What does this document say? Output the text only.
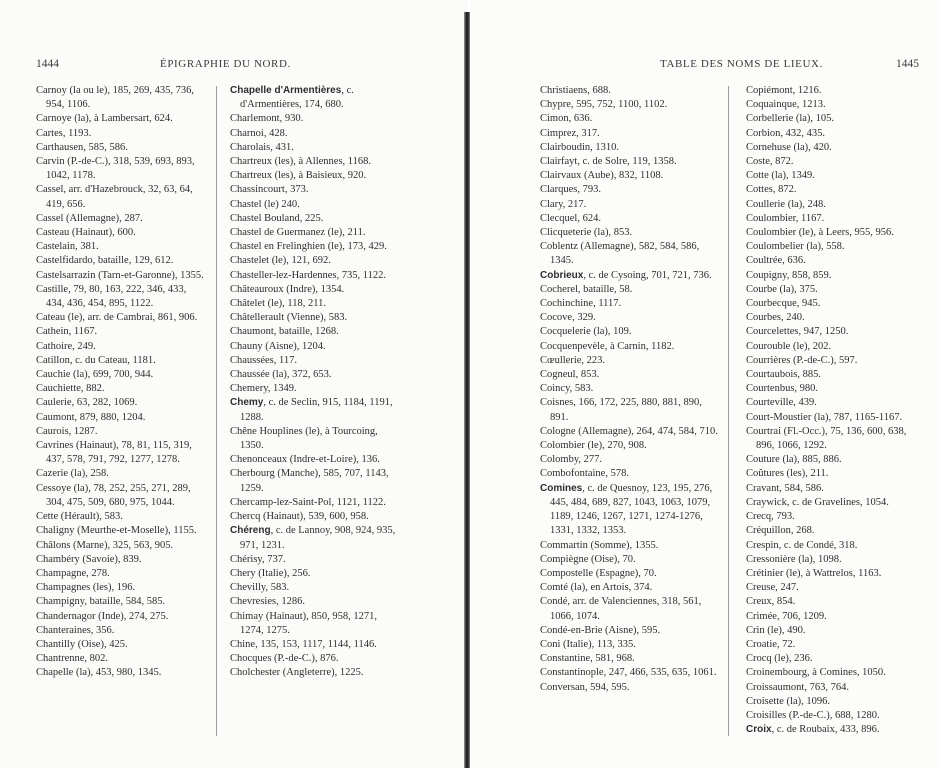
1444	ÉPIGRAPHIE DU NORD.
Carnoy (la ou le), 185, 269, 435, 736, 954, 1106.
Carnoye (la), à Lambersart, 624.
Cartes, 1193.
Carthausen, 585, 586.
Carvin (P.-de-C.), 318, 539, 693, 893, 1042, 1178.
Cassel, arr. d'Hazebrouck, 32, 63, 64, 419, 656.
Cassel (Allemagne), 287.
Casteau (Hainaut), 600.
Castelain, 381.
Castelfidardo, bataille, 129, 612.
Castelsarrazin (Tarn-et-Garonne), 1355.
Castille, 79, 80, 163, 222, 346, 433, 434, 436, 454, 895, 1122.
Cateau (le), arr. de Cambrai, 861, 906.
Cathein, 1167.
Cathoire, 249.
Catillon, c. du Cateau, 1181.
Cauchie (la), 699, 700, 944.
Cauchiette, 882.
Caulerie, 63, 282, 1069.
Caumont, 879, 880, 1204.
Caurois, 1287.
Cavrines (Hainaut), 78, 81, 115, 319, 437, 578, 791, 792, 1277, 1278.
Cazerie (la), 258.
Cessoye (la), 78, 252, 255, 271, 289, 304, 475, 509, 680, 975, 1044.
Cette (Hérault), 583.
Chaligny (Meurthe-et-Moselle), 1155.
Châlons (Marne), 325, 563, 905.
Chambéry (Savoie), 839.
Champagne, 278.
Champagnes (les), 196.
Champigny, bataille, 584, 585.
Chandernagor (Inde), 274, 275.
Chanteraines, 356.
Chantilly (Oise), 425.
Chantrenne, 802.
Chapelle (la), 453, 980, 1345.
Chapelle d'Armentières, c. d'Armentières, 174, 680.
Charlemont, 930.
Charnoi, 428.
Charolais, 431.
Chartreux (les), à Allennes, 1168.
Chartreux (les), à Baisieux, 920.
Chassincourt, 373.
Chastel (le) 240.
Chastel Bouland, 225.
Chastel de Guermanez (le), 211.
Chastel en Frelinghien (le), 173, 429.
Chastelet (le), 121, 692.
Chasteller-lez-Hardennes, 735, 1122.
Châteauroux (Indre), 1354.
Châtelet (le), 118, 211.
Châtellerault (Vienne), 583.
Chaumont, bataille, 1268.
Chauny (Aisne), 1204.
Chaussées, 117.
Chaussée (la), 372, 653.
Chemery, 1349.
Chemy, c. de Seclin, 915, 1184, 1191, 1288.
Chêne Houplines (le), à Tourcoing, 1350.
Chenonceaux (Indre-et-Loire), 136.
Cherbourg (Manche), 585, 707, 1143, 1259.
Chercamp-lez-Saint-Pol, 1121, 1122.
Chercq (Hainaut), 539, 600, 958.
Chéreng, c. de Lannoy, 908, 924, 935, 971, 1231.
Chérisy, 737.
Chery (Italie), 256.
Chevilly, 583.
Chevresies, 1286.
Chimay (Hainaut), 850, 958, 1271, 1274, 1275.
Chine, 135, 153, 1117, 1144, 1146.
Chocques (P.-de-C.), 876.
Cholchester (Angleterre), 1225.
TABLE DES NOMS DE LIEUX.	1445
Christiaens, 688.
Chypre, 595, 752, 1100, 1102.
Cimon, 636.
Cimprez, 317.
Clairboudin, 1310.
Clairfayt, c. de Solre, 119, 1358.
Clairvaux (Aube), 832, 1108.
Clarques, 793.
Clary, 217.
Clecquel, 624.
Clicqueterie (la), 853.
Coblentz (Allemagne), 582, 584, 586, 1345.
Cobrieux, c. de Cysoing, 701, 721, 736.
Cocherel, bataille, 58.
Cochinchine, 1117.
Cocove, 329.
Cocquelerie (la), 109.
Cocquenpevèle, à Carnin, 1182.
Cœullerie, 223.
Cogneul, 853.
Coincy, 583.
Coisnes, 166, 172, 225, 880, 881, 890, 891.
Cologne (Allemagne), 264, 474, 584, 710.
Colombier (le), 270, 908.
Colomby, 277.
Combofontaine, 578.
Comines, c. de Quesnoy, 123, 195, 276, 445, 484, 689, 827, 1043, 1063, 1079, 1189, 1246, 1267, 1271, 1274-1276, 1331, 1332, 1353.
Commartin (Somme), 1355.
Compiègne (Oise), 70.
Compostelle (Espagne), 70.
Comté (la), en Artois, 374.
Condé, arr. de Valenciennes, 318, 561, 1066, 1074.
Condé-en-Brie (Aisne), 595.
Coni (Italie), 113, 335.
Constantine, 581, 968.
Constantinople, 247, 466, 535, 635, 1061.
Conversan, 594, 595.
Copiémont, 1216.
Coquainque, 1213.
Corbellerie (la), 105.
Corbion, 432, 435.
Cornehuse (la), 420.
Coste, 872.
Cotte (la), 1349.
Cottes, 872.
Coullerie (la), 248.
Coulombier, 1167.
Coulombier (le), à Leers, 955, 956.
Coulombelier (la), 558.
Coultrée, 636.
Coupigny, 858, 859.
Courbe (la), 375.
Courbecque, 945.
Courbes, 240.
Courcelettes, 947, 1250.
Courouble (le), 202.
Courrières (P.-de-C.), 597.
Courtaubois, 885.
Courtenbus, 980.
Courteville, 439.
Court-Moustier (la), 787, 1165-1167.
Courtrai (Fl.-Occ.), 75, 136, 600, 638, 896, 1066, 1292.
Couture (la), 885, 886.
Coûtures (les), 211.
Cravant, 584, 586.
Craywick, c. de Gravelines, 1054.
Crecq, 793.
Créquillon, 268.
Crespin, c. de Condé, 318.
Cressonière (la), 1098.
Crétinier (le), à Wattrelos, 1163.
Creuse, 247.
Creux, 854.
Crimée, 706, 1209.
Crin (le), 490.
Croatie, 72.
Crocq (le), 236.
Croinembourg, à Comines, 1050.
Croissaumont, 763, 764.
Croisette (la), 1096.
Croisilles (P.-de-C.), 688, 1280.
Croix, c. de Roubaix, 433, 896.
